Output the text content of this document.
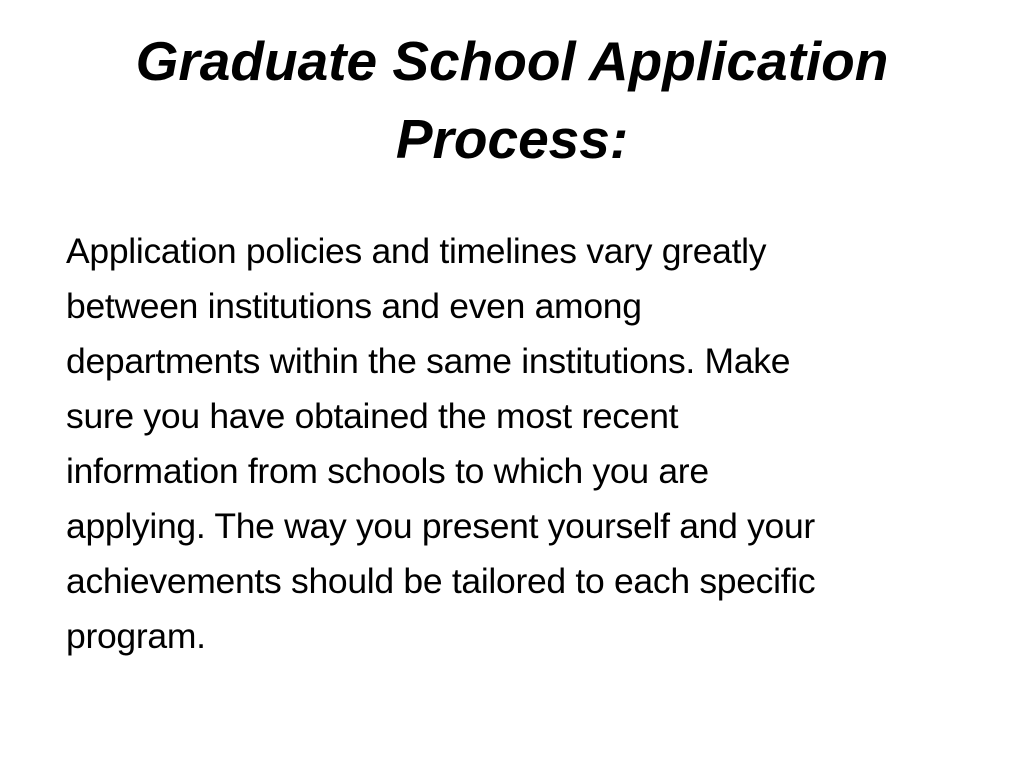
Graduate School Application
Process:
Application policies and timelines vary greatly
between institutions and even among
departments within the same institutions. Make
sure you have obtained the most recent
information from schools to which you are
applying. The way you present yourself and your
achievements should be tailored to each specific
program.
